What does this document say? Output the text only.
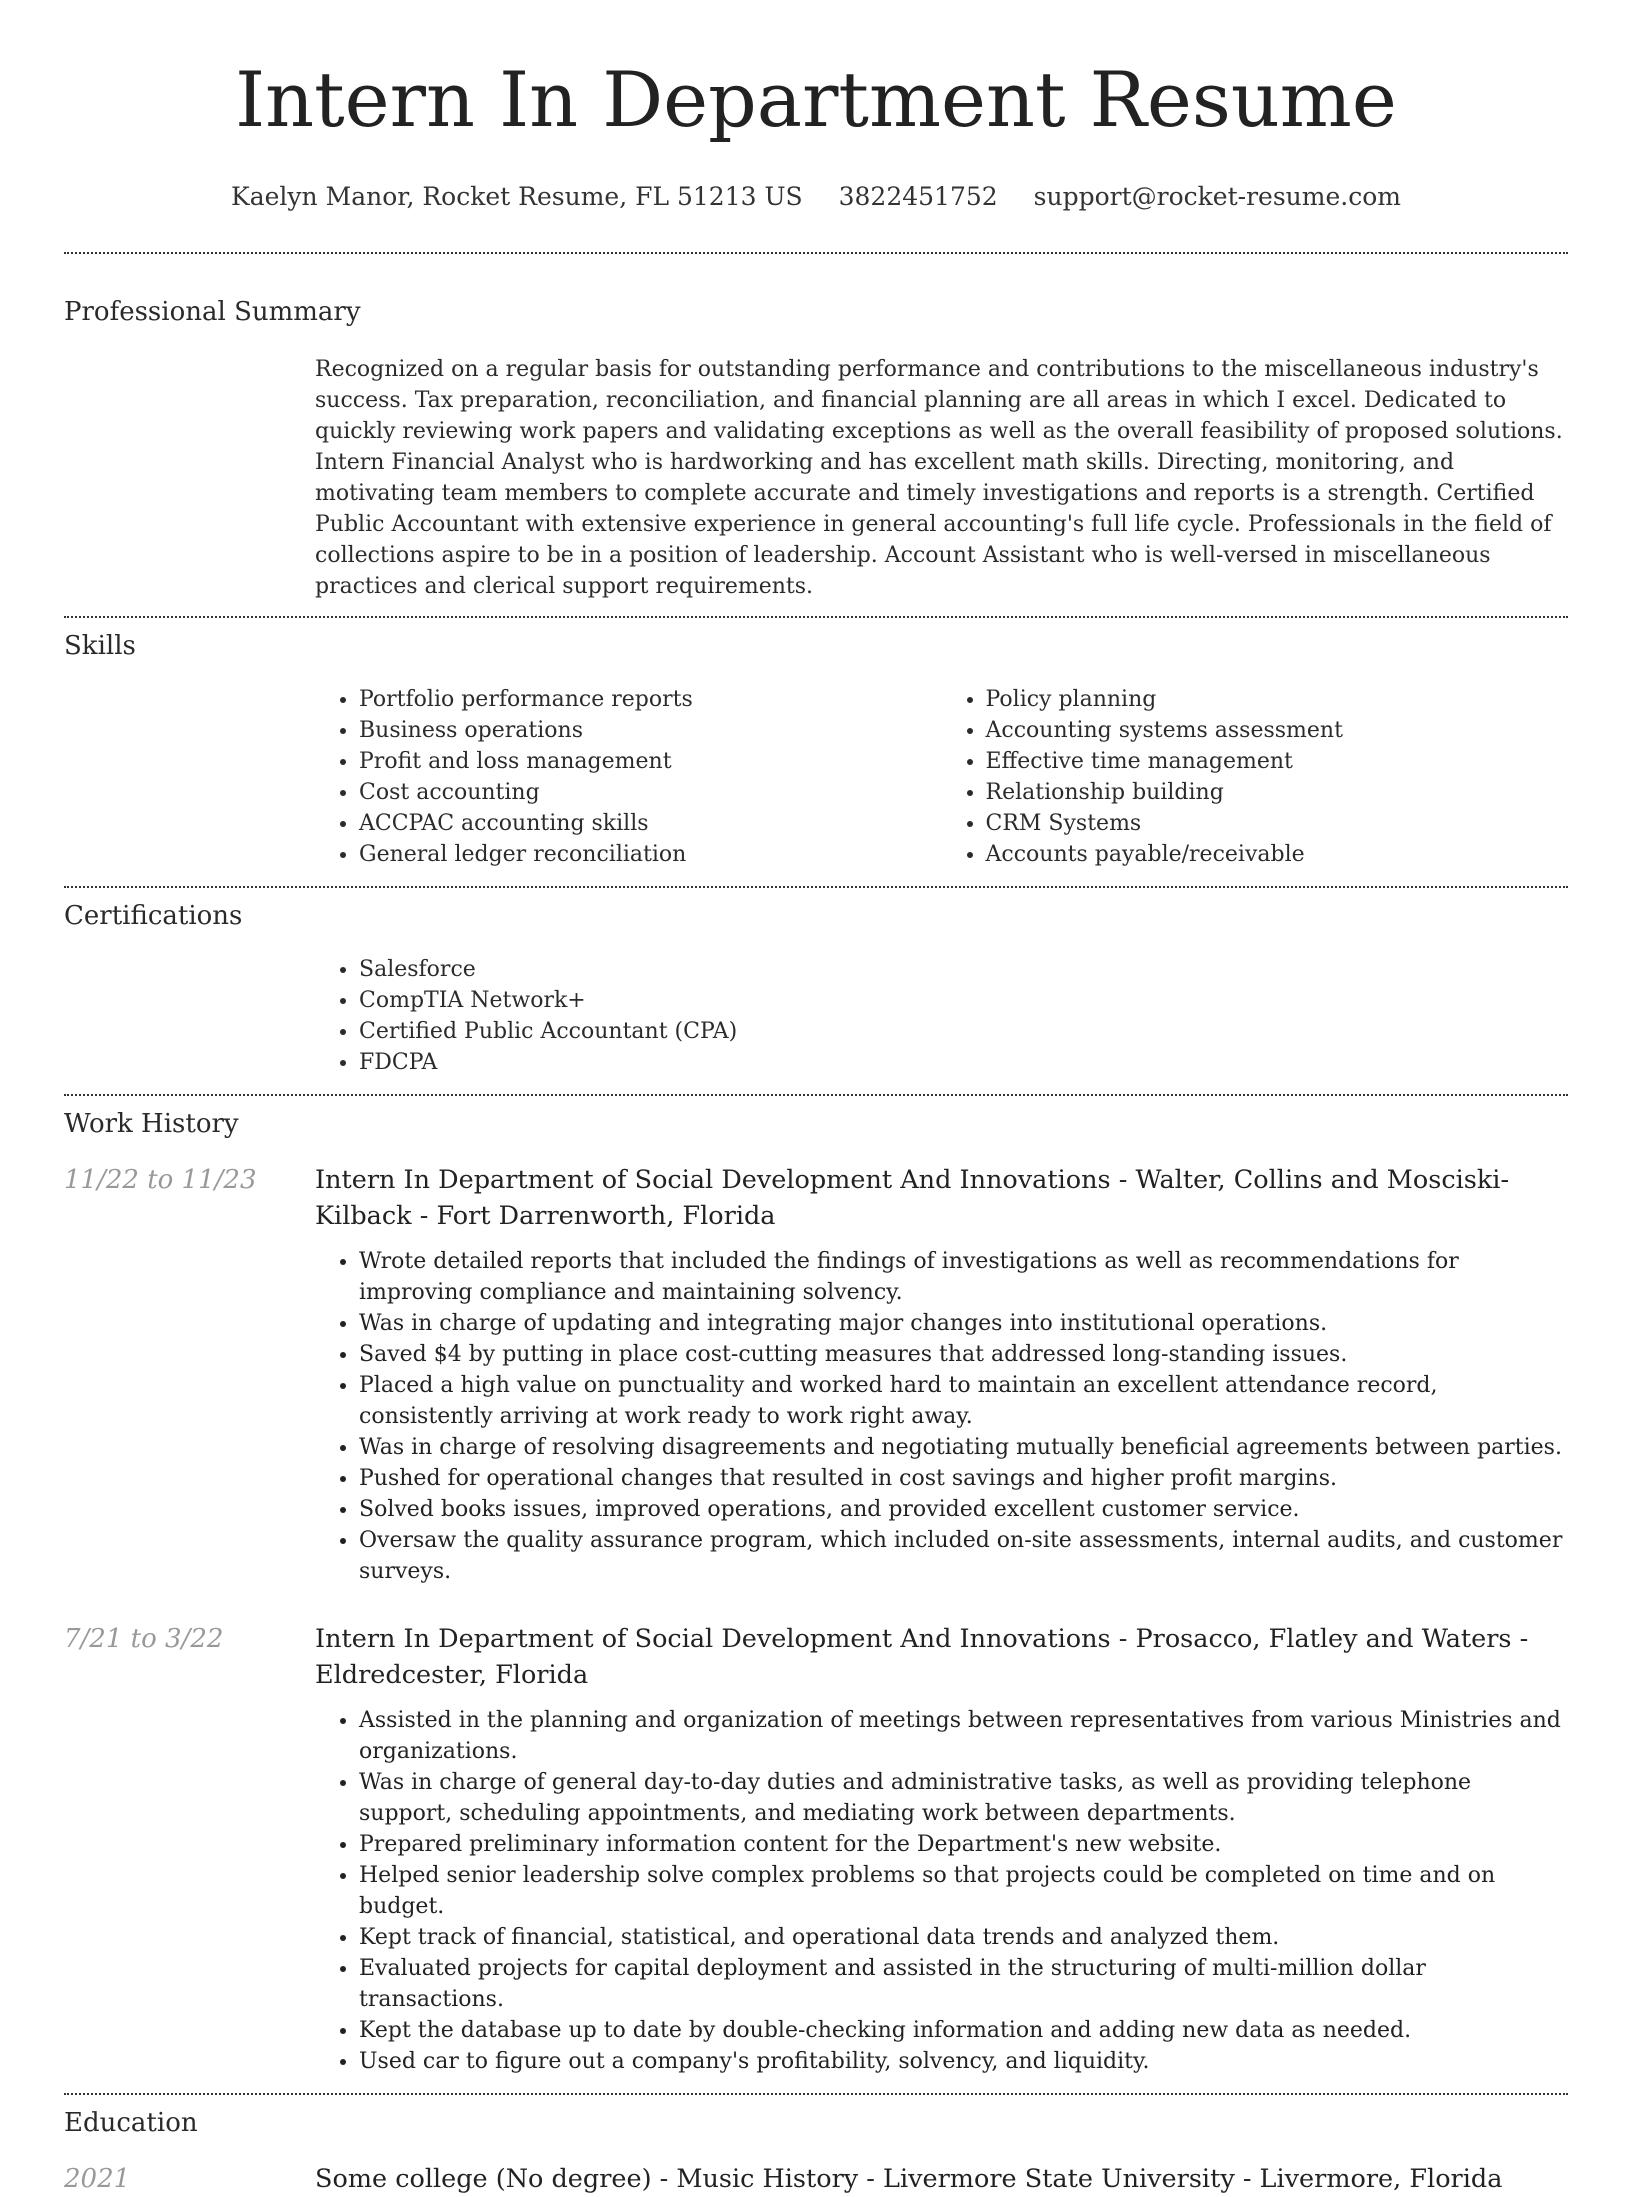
Intern In Department Resume
Kaelyn Manor, Rocket Resume, FL 51213 US 3822451752 support@rocket-resume.com
Professional Summary
Recognized on a regular basis for outstanding performance and contributions to the miscellaneous industry's success. Tax preparation, reconciliation, and financial planning are all areas in which I excel. Dedicated to quickly reviewing work papers and validating exceptions as well as the overall feasibility of proposed solutions. Intern Financial Analyst who is hardworking and has excellent math skills. Directing, monitoring, and motivating team members to complete accurate and timely investigations and reports is a strength. Certified Public Accountant with extensive experience in general accounting's full life cycle. Professionals in the field of collections aspire to be in a position of leadership. Account Assistant who is well-versed in miscellaneous practices and clerical support requirements.
Skills
• Portfolio performance reports
• Business operations
• Profit and loss management
• Cost accounting
• ACCPAC accounting skills
• General ledger reconciliation
• Policy planning
• Accounting systems assessment
• Effective time management
• Relationship building
• CRM Systems
• Accounts payable/receivable
Certifications
• Salesforce
• CompTIA Network+
• Certified Public Accountant (CPA)
• FDCPA
Work History
11/22 to 11/23	Intern In Department of Social Development And Innovations - Walter, Collins and Mosciski-Kilback - Fort Darrenworth, Florida
• Wrote detailed reports that included the findings of investigations as well as recommendations for improving compliance and maintaining solvency.
• Was in charge of updating and integrating major changes into institutional operations.
• Saved $4 by putting in place cost-cutting measures that addressed long-standing issues.
• Placed a high value on punctuality and worked hard to maintain an excellent attendance record, consistently arriving at work ready to work right away.
• Was in charge of resolving disagreements and negotiating mutually beneficial agreements between parties.
• Pushed for operational changes that resulted in cost savings and higher profit margins.
• Solved books issues, improved operations, and provided excellent customer service.
• Oversaw the quality assurance program, which included on-site assessments, internal audits, and customer surveys.
7/21 to 3/22	Intern In Department of Social Development And Innovations - Prosacco, Flatley and Waters - Eldredcester, Florida
• Assisted in the planning and organization of meetings between representatives from various Ministries and organizations.
• Was in charge of general day-to-day duties and administrative tasks, as well as providing telephone support, scheduling appointments, and mediating work between departments.
• Prepared preliminary information content for the Department's new website.
• Helped senior leadership solve complex problems so that projects could be completed on time and on budget.
• Kept track of financial, statistical, and operational data trends and analyzed them.
• Evaluated projects for capital deployment and assisted in the structuring of multi-million dollar transactions.
• Kept the database up to date by double-checking information and adding new data as needed.
• Used car to figure out a company's profitability, solvency, and liquidity.
Education
2021	Some college (No degree) - Music History - Livermore State University - Livermore, Florida
